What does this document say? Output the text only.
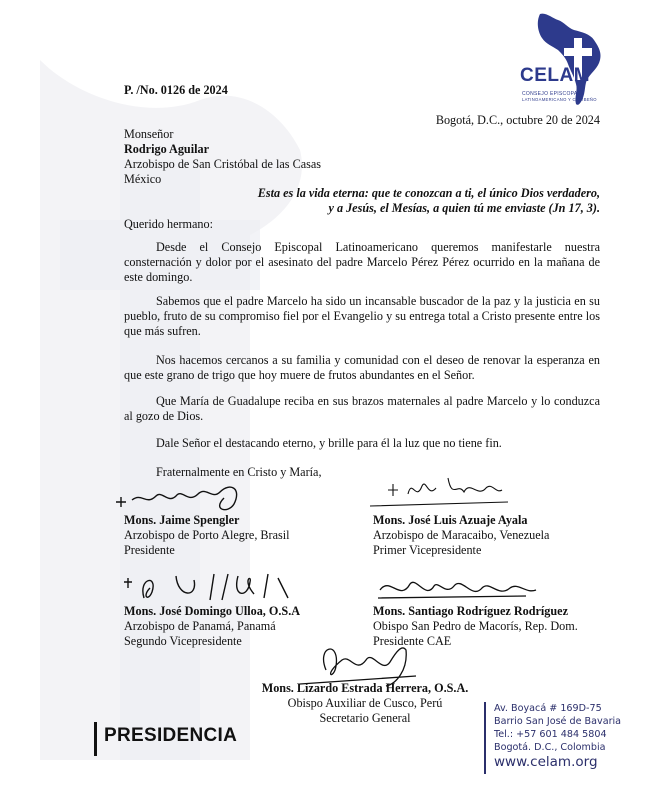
CELAM
CONSEJO EPISCOPAL
LATINOAMERICANO Y CARIBEÑO
P. /No. 0126 de 2024
Bogotá, D.C., octubre 20 de 2024
Monseñor
Rodrigo Aguilar
Arzobispo de San Cristóbal de las Casas
México
Esta es la vida eterna: que te conozcan a ti, el único Dios verdadero,
y a Jesús, el Mesías, a quien tú me enviaste (Jn 17, 3).
Querido hermano:
Desde el Consejo Episcopal Latinoamericano queremos manifestarle nuestra consternación y dolor por el asesinato del padre Marcelo Pérez Pérez ocurrido en la mañana de este domingo.
Sabemos que el padre Marcelo ha sido un incansable buscador de la paz y la justicia en su pueblo, fruto de su compromiso fiel por el Evangelio y su entrega total a Cristo presente entre los que más sufren.
Nos hacemos cercanos a su familia y comunidad con el deseo de renovar la esperanza en que este grano de trigo que hoy muere de frutos abundantes en el Señor.
Que María de Guadalupe reciba en sus brazos maternales al padre Marcelo y lo conduzca al gozo de Dios.
Dale Señor el destacando eterno, y brille para él la luz que no tiene fin.
Fraternalmente en Cristo y María,
Mons. Jaime Spengler
Arzobispo de Porto Alegre, Brasil
Presidente
Mons. José Luis Azuaje Ayala
Arzobispo de Maracaibo, Venezuela
Primer Vicepresidente
Mons. José Domingo Ulloa, O.S.A
Arzobispo de Panamá, Panamá
Segundo Vicepresidente
Mons. Santiago Rodríguez Rodríguez
Obispo San Pedro de Macorís, Rep. Dom.
Presidente CAE
Mons. Lizardo Estrada Herrera, O.S.A.
Obispo Auxiliar de Cusco, Perú
Secretario General
PRESIDENCIA
Av. Boyacá # 169D-75
Barrio San José de Bavaria
Tel.: +57 601 484 5804
Bogotá. D.C., Colombia
www.celam.org
